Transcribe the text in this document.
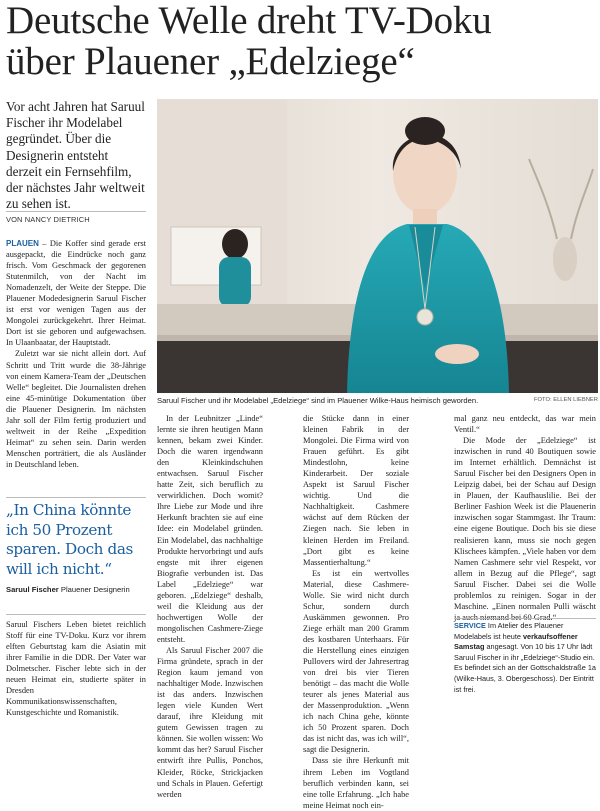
Deutsche Welle dreht TV-Doku
über Plauener „Edelziege“
Vor acht Jahren hat Saruul Fischer ihr Modelabel gegründet. Über die Designerin entsteht derzeit ein Fernsehfilm, der nächstes Jahr weltweit zu sehen ist.
VON NANCY DIETRICH

PLAUEN – Die Koffer sind gerade erst ausgepackt, die Eindrücke noch ganz frisch. Vom Geschmack der gegorenen Stutenmilch, von der Nacht im Nomadenzelt, der Weite der Steppe. Die Plauener Modedesignerin Saruul Fischer ist erst vor wenigen Tagen aus der Mongolei zurückgekehrt. Ihrer Heimat. Dort ist sie geboren und aufgewachsen. In Ulaanbaatar, der Hauptstadt.

Zuletzt war sie nicht allein dort. Auf Schritt und Tritt wurde die 38-Jährige von einem Kamera-Team der „Deutschen Welle“ begleitet. Die Journalisten drehen eine 45-minütige Dokumentation über die Plauener Designerin. Im nächsten Jahr soll der Film fertig produziert und weltweit in der Reihe „Expedition Heimat“ zu sehen sein. Darin werden Menschen porträtiert, die als Ausländer in Deutschland leben.

„In China könnte ich 50 Prozent sparen. Doch das will ich nicht.“
Saruul Fischer Plauener Designerin
Saruul Fischers Leben bietet reichlich Stoff für eine TV-Doku. Kurz vor ihrem elften Geburtstag kam die Asiatin mit ihrer Familie in die DDR. Der Vater war Dolmetscher. Fischer lebte sich in der neuen Heimat ein, studierte später in Dresden Kommunikationswissenschaften, Kunstgeschichte und Romanistik.
Saruul Fischer und ihr Modelabel „Edelziege“ sind im Plauener Wilke-Haus heimisch geworden.	FOTO: ELLEN LIEBNER

In der Leubnitzer „Linde“ lernte sie ihren heutigen Mann kennen, bekam zwei Kinder. Doch die waren irgendwann den Kleinkindschuhen entwachsen. Saruul Fischer hatte Zeit, sich beruflich zu verwirklichen. Doch womit? Ihre Liebe zur Mode und ihre Herkunft brachten sie auf eine Idee: ein Modelabel gründen. Ein Modelabel, das nachhaltige Produkte hervorbringt und aufs engste mit ihrer eigenen Biografie verbunden ist. Das Label „Edelziege“ war geboren. „Edelziege“ deshalb, weil die Kleidung aus der hochwertigen Wolle der mongolischen Cashmere-Ziege entsteht.

Als Saruul Fischer 2007 die Firma gründete, sprach in der Region kaum jemand von nachhaltiger Mode. Inzwischen ist das anders. Inzwischen legen viele Kunden Wert darauf, ihre Kleidung mit gutem Gewissen tragen zu können. Sie wollen wissen: Wo kommt das her? Saruul Fischer entwirft ihre Pullis, Ponchos, Kleider, Röcke, Strickjacken und Schals in Plauen. Gefertigt werden

die Stücke dann in einer kleinen Fabrik in der Mongolei. Die Firma wird von Frauen geführt. Es gibt Mindestlohn, keine Kinderarbeit. Der soziale Aspekt ist Saruul Fischer wichtig. Und die Nachhaltigkeit. Cashmere wächst auf dem Rücken der Ziegen nach. Sie leben in kleinen Herden im Freiland. „Dort gibt es keine Massentierhaltung.“

Es ist ein wertvolles Material, diese Cashmere-Wolle. Sie wird nicht durch Schur, sondern durch Auskämmen gewonnen. Pro Ziege erhält man 200 Gramm des kostbaren Unterhaars. Für die Herstellung eines einzigen Pullovers wird der Jahresertrag von drei bis vier Tieren benötigt – das macht die Wolle teurer als jenes Material aus der Massenproduktion. „Wenn ich nach China gehe, könnte ich 50 Prozent sparen. Doch das ist nicht das, was ich will“, sagt die Designerin.

Dass sie ihre Herkunft mit ihrem Leben im Vogtland beruflich verbinden kann, sei eine tolle Erfahrung. „Ich habe meine Heimat noch ein-

mal ganz neu entdeckt, das war mein Ventil.“

Die Mode der „Edelziege“ ist inzwischen in rund 40 Boutiquen sowie im Internet erhältlich. Demnächst ist Saruul Fischer bei den Designers Open in Leipzig dabei, bei der Schau auf Design in Plauen, der Kaufhauslilie. Bei der Berliner Fashion Week ist die Plauenerin inzwischen sogar Stammgast. Ihr Traum: eine eigene Boutique. Doch bis sie diese realisieren kann, muss sie noch gegen Klischees kämpfen. „Viele haben vor dem Namen Cashmere sehr viel Respekt, vor allem in Bezug auf die Pflege“, sagt Saruul Fischer. Dabei sei die Wolle problemlos zu reinigen. Sogar in der Maschine. „Einen normalen Pulli wäscht ja auch niemand bei 60 Grad.“

SERVICE Im Atelier des Plauener Modelabels ist heute verkaufsoffener Samstag angesagt. Von 10 bis 17 Uhr lädt Saruul Fischer in ihr „Edelziege“-Studio ein. Es befindet sich an der Gottschaldstraße 1a (Wilke-Haus, 3. Obergeschoss). Der Eintritt ist frei.
